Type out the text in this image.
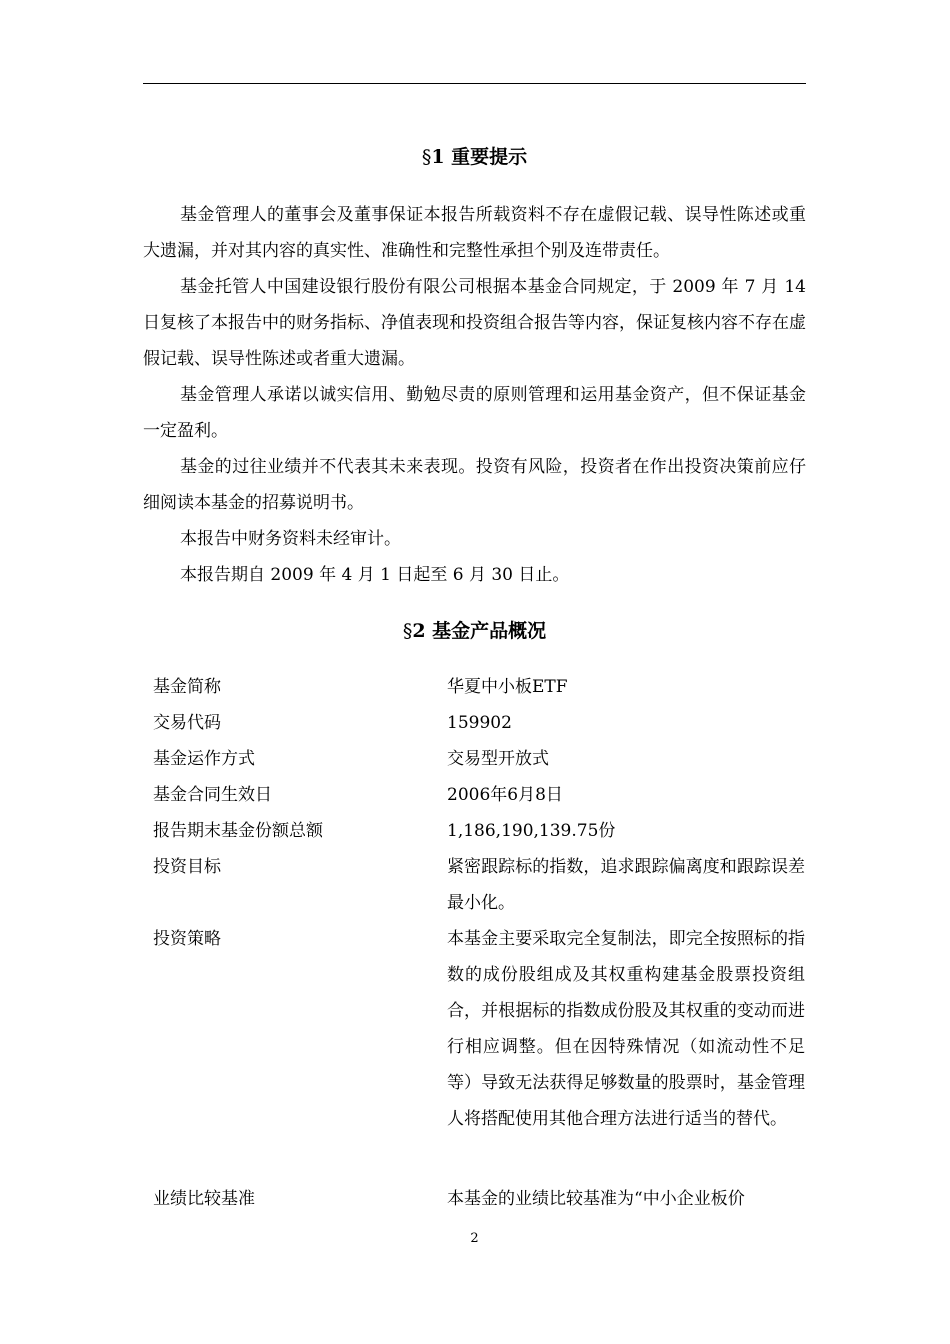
§1 重要提示

基金管理人的董事会及董事保证本报告所载资料不存在虚假记载、误导性陈述或重大遗漏，并对其内容的真实性、准确性和完整性承担个别及连带责任。

基金托管人中国建设银行股份有限公司根据本基金合同规定，于 2009 年 7 月 14 日复核了本报告中的财务指标、净值表现和投资组合报告等内容，保证复核内容不存在虚假记载、误导性陈述或者重大遗漏。

基金管理人承诺以诚实信用、勤勉尽责的原则管理和运用基金资产，但不保证基金一定盈利。

基金的过往业绩并不代表其未来表现。投资有风险，投资者在作出投资决策前应仔细阅读本基金的招募说明书。

本报告中财务资料未经审计。

本报告期自 2009 年 4 月 1 日起至 6 月 30 日止。

§2 基金产品概况
基金简称	华夏中小板ETF
交易代码	159902
基金运作方式	交易型开放式
基金合同生效日	2006年6月8日
报告期末基金份额总额	1,186,190,139.75份
投资目标	紧密跟踪标的指数，追求跟踪偏离度和跟踪误差最小化。
投资策略	本基金主要采取完全复制法，即完全按照标的指数的成份股组成及其权重构建基金股票投资组合，并根据标的指数成份股及其权重的变动而进行相应调整。但在因特殊情况（如流动性不足等）导致无法获得足够数量的股票时，基金管理人将搭配使用其他合理方法进行适当的替代。
业绩比较基准	本基金的业绩比较基准为“中小企业板价
2
